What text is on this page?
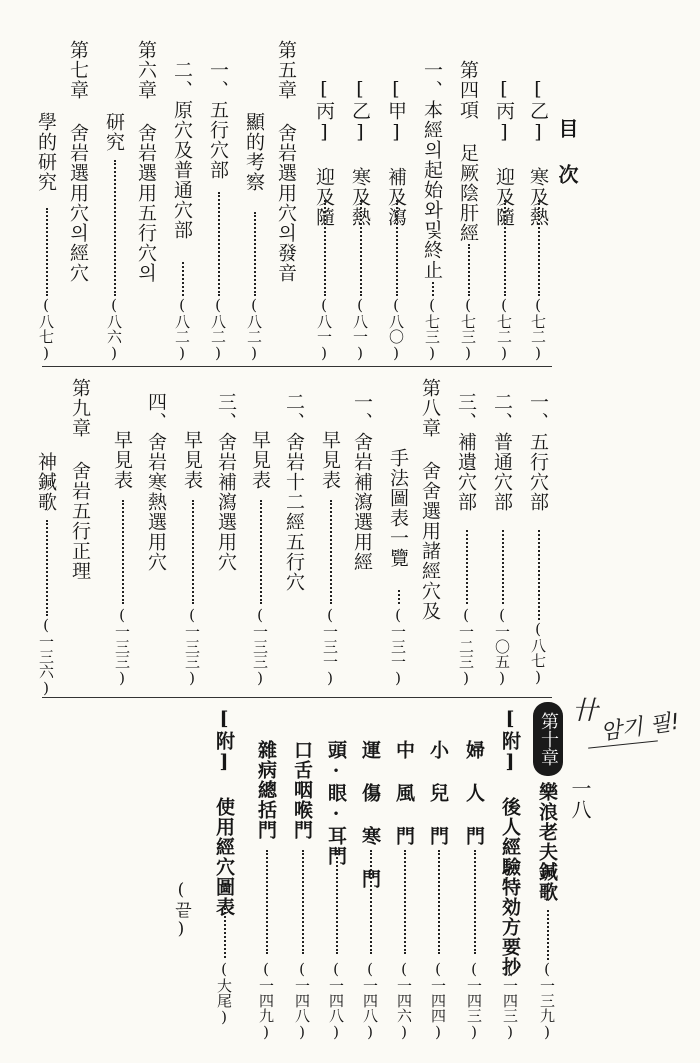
目 次
一八
[乙] 寒及熱
( 七二 )
[丙] 迎及隨
( 七二 )
第四項 足厥陰肝經
( 七三 )
一、本經의起始와및終止
( 七三 )
[甲] 補及瀉
( 八〇 )
[乙] 寒及熱
( 八一 )
[丙] 迎及隨
( 八一 )
第五章 舍岩選用穴의發音
顯的考察
( 八二 )
一、五行穴部
( 八二 )
二、原穴及普通穴部
( 八二 )
第六章 舍岩選用五行穴의
研究
( 八六 )
第七章 舍岩選用穴의經穴
學的研究
( 八七 )
一、五行穴部
( 八七 )
二、普通穴部
( 一〇五 )
三、補遺穴部
( 一二三 )
第八章 舍舍選用諸經穴及
手法圖表一覽
( 一三一 )
一、舍岩補瀉選用經
早見表
( 一三一 )
二、舍岩十二經五行穴
早見表
( 一三三 )
三、舍岩補瀉選用穴
早見表
( 一三三 )
四、舍岩寒熱選用穴
早見表
( 一三三 )
第九章 舍岩五行正理
神鍼歌
( 一三六 )
第十章
樂浪老夫鍼歌
( 一三九 )
[附] 後人經驗特効方要抄
( 一四三 )
婦 人 門
( 一四三 )
小 兒 門
( 一四四 )
中 風 門
( 一四六 )
運 傷 寒 門
( 一四八 )
頭·眼·耳門
( 一四八 )
口舌咽喉門
( 一四八 )
雜病總括門
( 一四九 )
[附] 使用經穴圖表
( 大尾 )
(끝)
卄 암기 필!
